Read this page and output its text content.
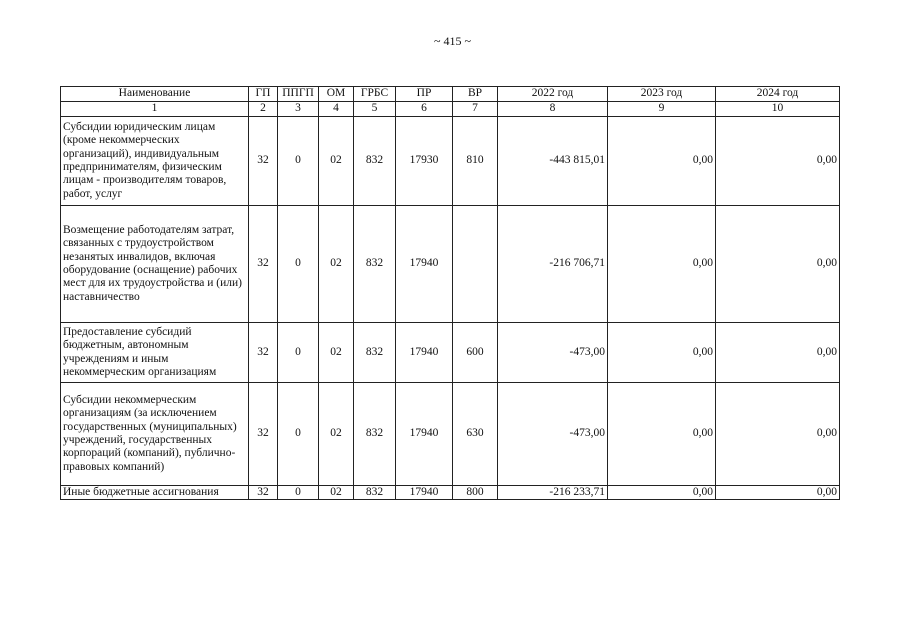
~ 415 ~
Наименование	ГП	ППГП	ОМ	ГРБС	ПР	ВР	2022 год	2023 год	2024 год
1	2	3	4	5	6	7	8	9	10
Субсидии юридическим лицам (кроме некоммерческих организаций), индивидуальным предпринимателям, физическим лицам - производителям товаров, работ, услуг	32	0	02	832	17930	810	-443 815,01	0,00	0,00
Возмещение работодателям затрат, связанных с трудоустройством незанятых инвалидов, включая оборудование (оснащение) рабочих мест для их трудоустройства и (или) наставничество	32	0	02	832	17940		-216 706,71	0,00	0,00
Предоставление субсидий бюджетным, автономным учреждениям и иным некоммерческим организациям	32	0	02	832	17940	600	-473,00	0,00	0,00
Субсидии некоммерческим организациям (за исключением государственных (муниципальных) учреждений, государственных корпораций (компаний), публично-правовых компаний)	32	0	02	832	17940	630	-473,00	0,00	0,00
Иные бюджетные ассигнования	32	0	02	832	17940	800	-216 233,71	0,00	0,00
